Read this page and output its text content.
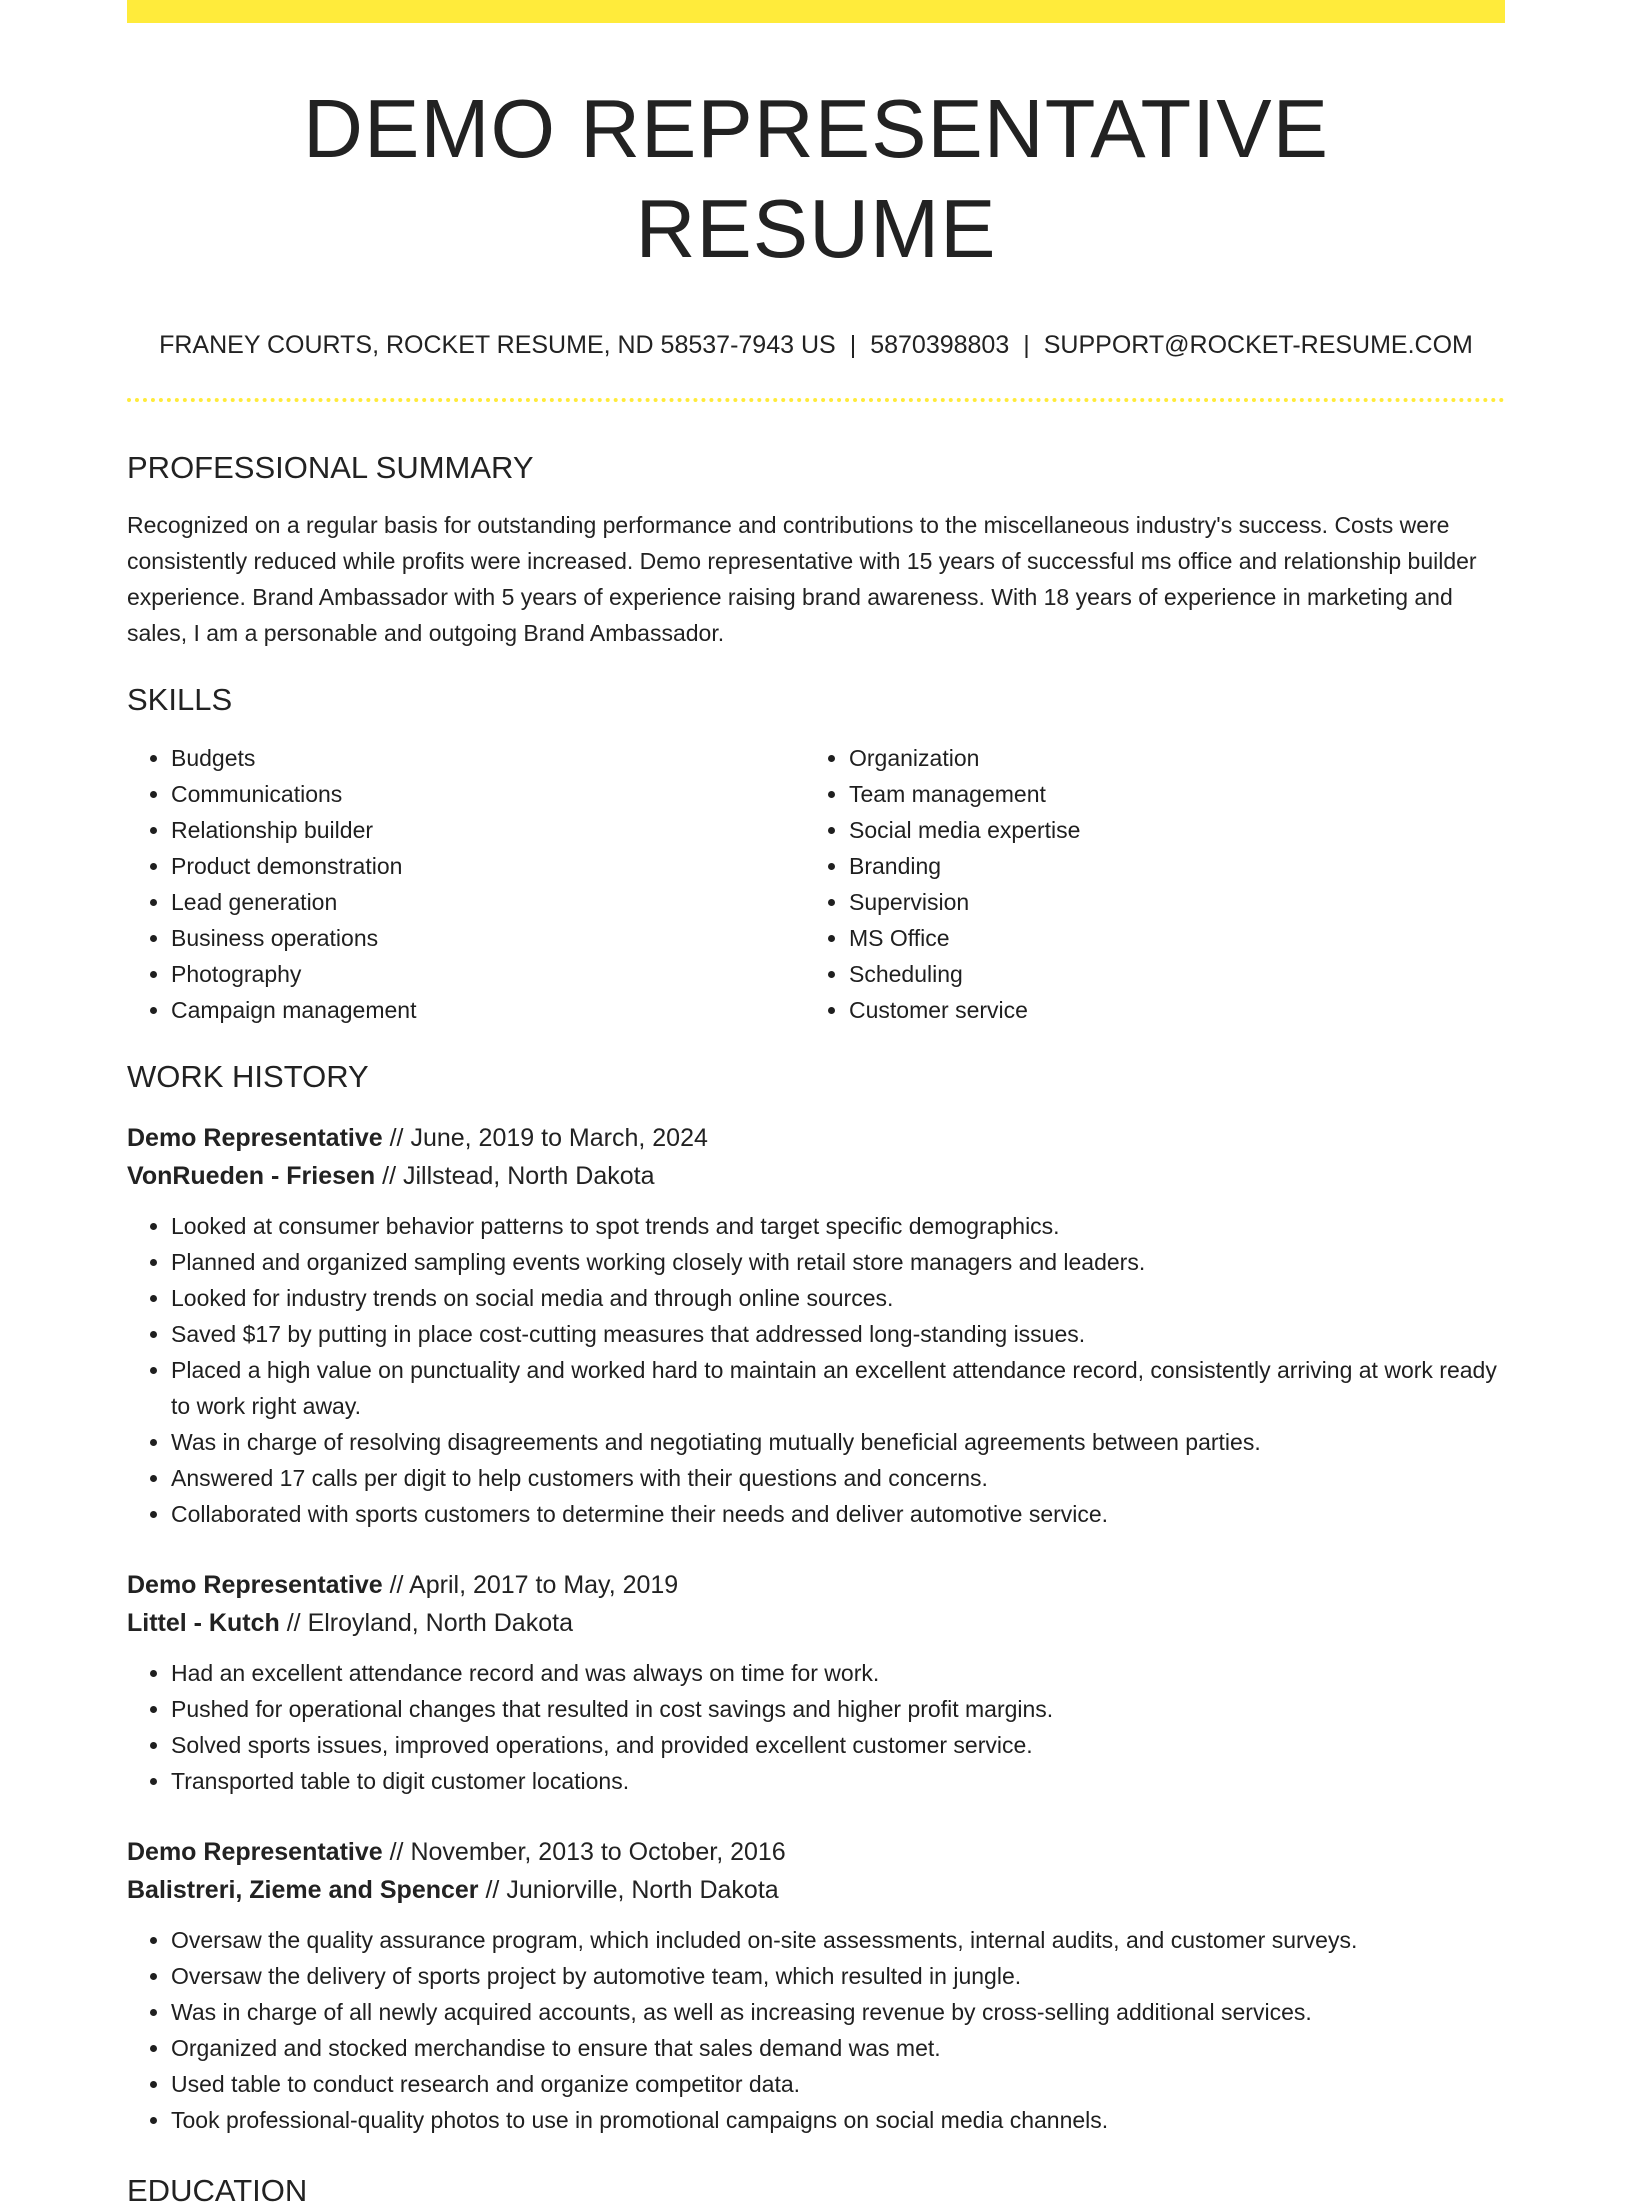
DEMO REPRESENTATIVE RESUME
FRANEY COURTS, ROCKET RESUME, ND 58537-7943 US | 5870398803 | SUPPORT@ROCKET-RESUME.COM
PROFESSIONAL SUMMARY
Recognized on a regular basis for outstanding performance and contributions to the miscellaneous industry's success. Costs were consistently reduced while profits were increased. Demo representative with 15 years of successful ms office and relationship builder experience. Brand Ambassador with 5 years of experience raising brand awareness. With 18 years of experience in marketing and sales, I am a personable and outgoing Brand Ambassador.
SKILLS
• Budgets
• Communications
• Relationship builder
• Product demonstration
• Lead generation
• Business operations
• Photography
• Campaign management
• Organization
• Team management
• Social media expertise
• Branding
• Supervision
• MS Office
• Scheduling
• Customer service
WORK HISTORY
Demo Representative // June, 2019 to March, 2024
VonRueden - Friesen // Jillstead, North Dakota
• Looked at consumer behavior patterns to spot trends and target specific demographics.
• Planned and organized sampling events working closely with retail store managers and leaders.
• Looked for industry trends on social media and through online sources.
• Saved $17 by putting in place cost-cutting measures that addressed long-standing issues.
• Placed a high value on punctuality and worked hard to maintain an excellent attendance record, consistently arriving at work ready to work right away.
• Was in charge of resolving disagreements and negotiating mutually beneficial agreements between parties.
• Answered 17 calls per digit to help customers with their questions and concerns.
• Collaborated with sports customers to determine their needs and deliver automotive service.
Demo Representative // April, 2017 to May, 2019
Littel - Kutch // Elroyland, North Dakota
• Had an excellent attendance record and was always on time for work.
• Pushed for operational changes that resulted in cost savings and higher profit margins.
• Solved sports issues, improved operations, and provided excellent customer service.
• Transported table to digit customer locations.
Demo Representative // November, 2013 to October, 2016
Balistreri, Zieme and Spencer // Juniorville, North Dakota
• Oversaw the quality assurance program, which included on-site assessments, internal audits, and customer surveys.
• Oversaw the delivery of sports project by automotive team, which resulted in jungle.
• Was in charge of all newly acquired accounts, as well as increasing revenue by cross-selling additional services.
• Organized and stocked merchandise to ensure that sales demand was met.
• Used table to conduct research and organize competitor data.
• Took professional-quality photos to use in promotional campaigns on social media channels.
EDUCATION
